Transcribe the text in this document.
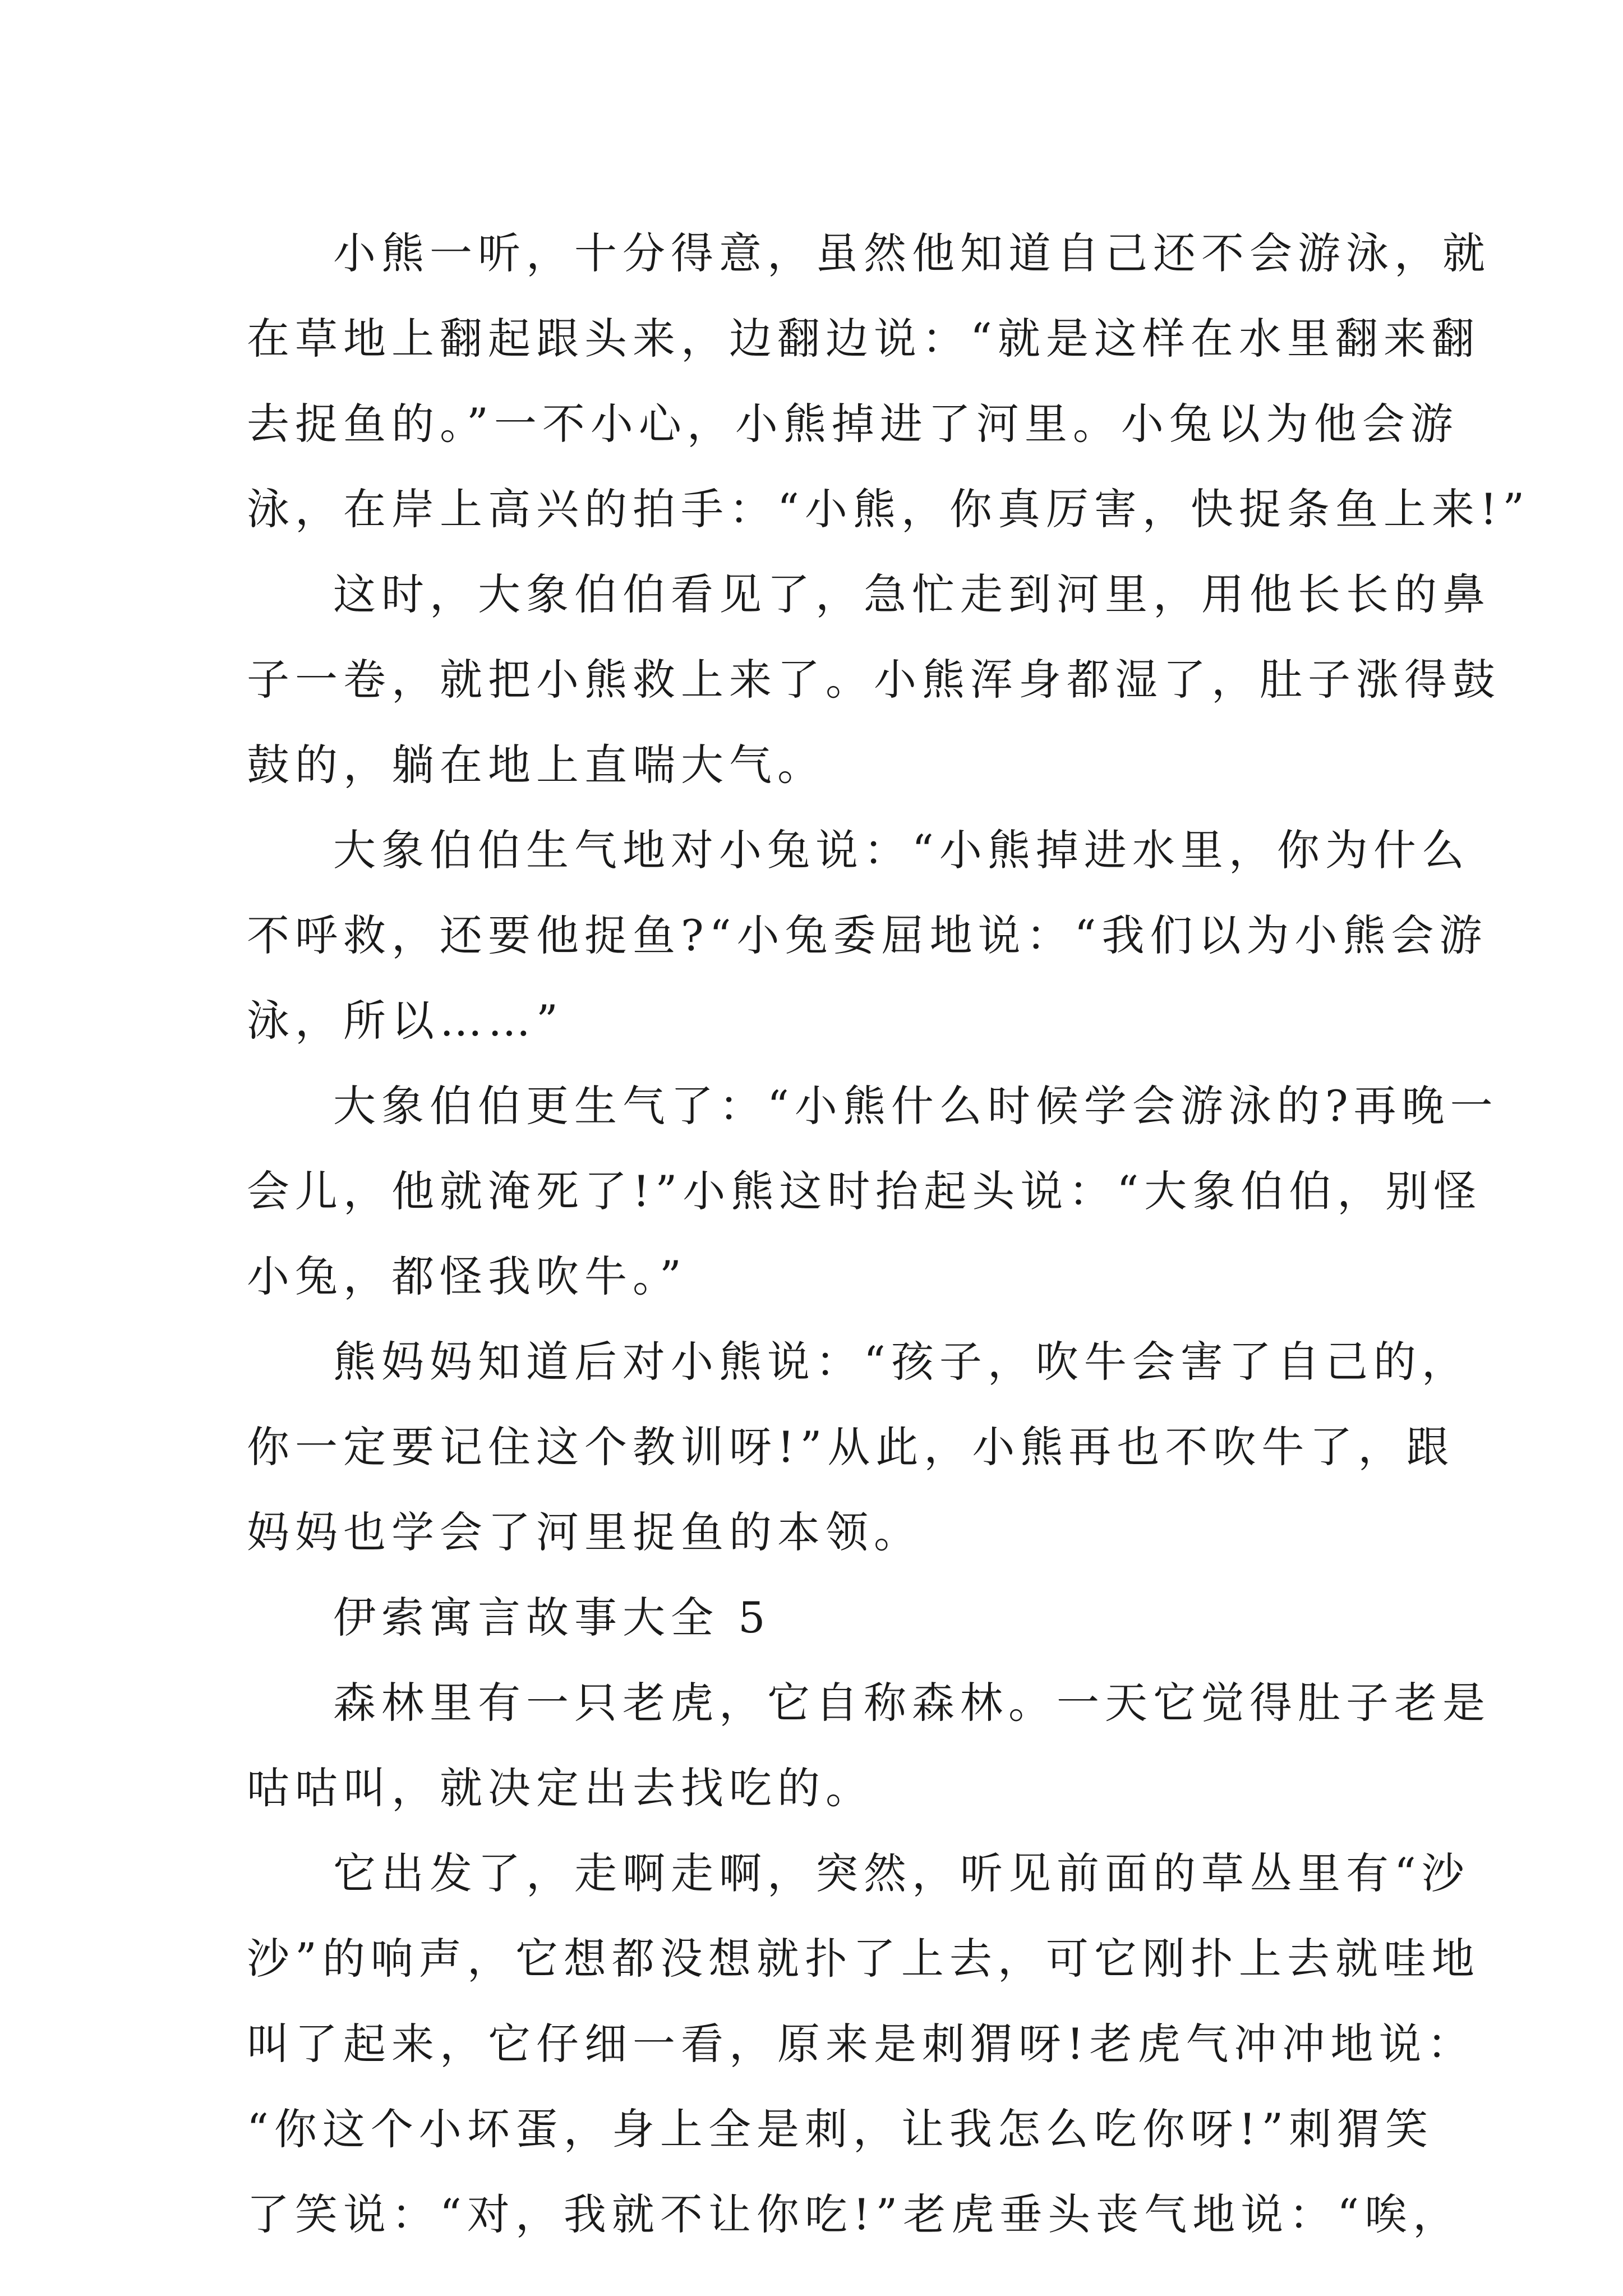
小熊一听，十分得意，虽然他知道自己还不会游泳，就
在草地上翻起跟头来，边翻边说：“就是这样在水里翻来翻
去捉鱼的。”一不小心，小熊掉进了河里。小兔以为他会游
泳，在岸上高兴的拍手：“小熊，你真厉害，快捉条鱼上来!”
这时，大象伯伯看见了，急忙走到河里，用他长长的鼻
子一卷，就把小熊救上来了。小熊浑身都湿了，肚子涨得鼓
鼓的，躺在地上直喘大气。
大象伯伯生气地对小兔说：“小熊掉进水里，你为什么
不呼救，还要他捉鱼?“小兔委屈地说：“我们以为小熊会游
泳，所以……”
大象伯伯更生气了：“小熊什么时候学会游泳的?再晚一
会儿，他就淹死了!”小熊这时抬起头说：“大象伯伯，别怪
小兔，都怪我吹牛。”
熊妈妈知道后对小熊说：“孩子，吹牛会害了自己的，
你一定要记住这个教训呀!”从此，小熊再也不吹牛了，跟
妈妈也学会了河里捉鱼的本领。
伊索寓言故事大全 5
森林里有一只老虎，它自称森林。一天它觉得肚子老是
咕咕叫，就决定出去找吃的。
它出发了，走啊走啊，突然，听见前面的草丛里有“沙
沙”的响声，它想都没想就扑了上去，可它刚扑上去就哇地
叫了起来，它仔细一看，原来是刺猬呀!老虎气冲冲地说：
“你这个小坏蛋，身上全是刺，让我怎么吃你呀!”刺猬笑
了笑说：“对，我就不让你吃!”老虎垂头丧气地说：“唉，
